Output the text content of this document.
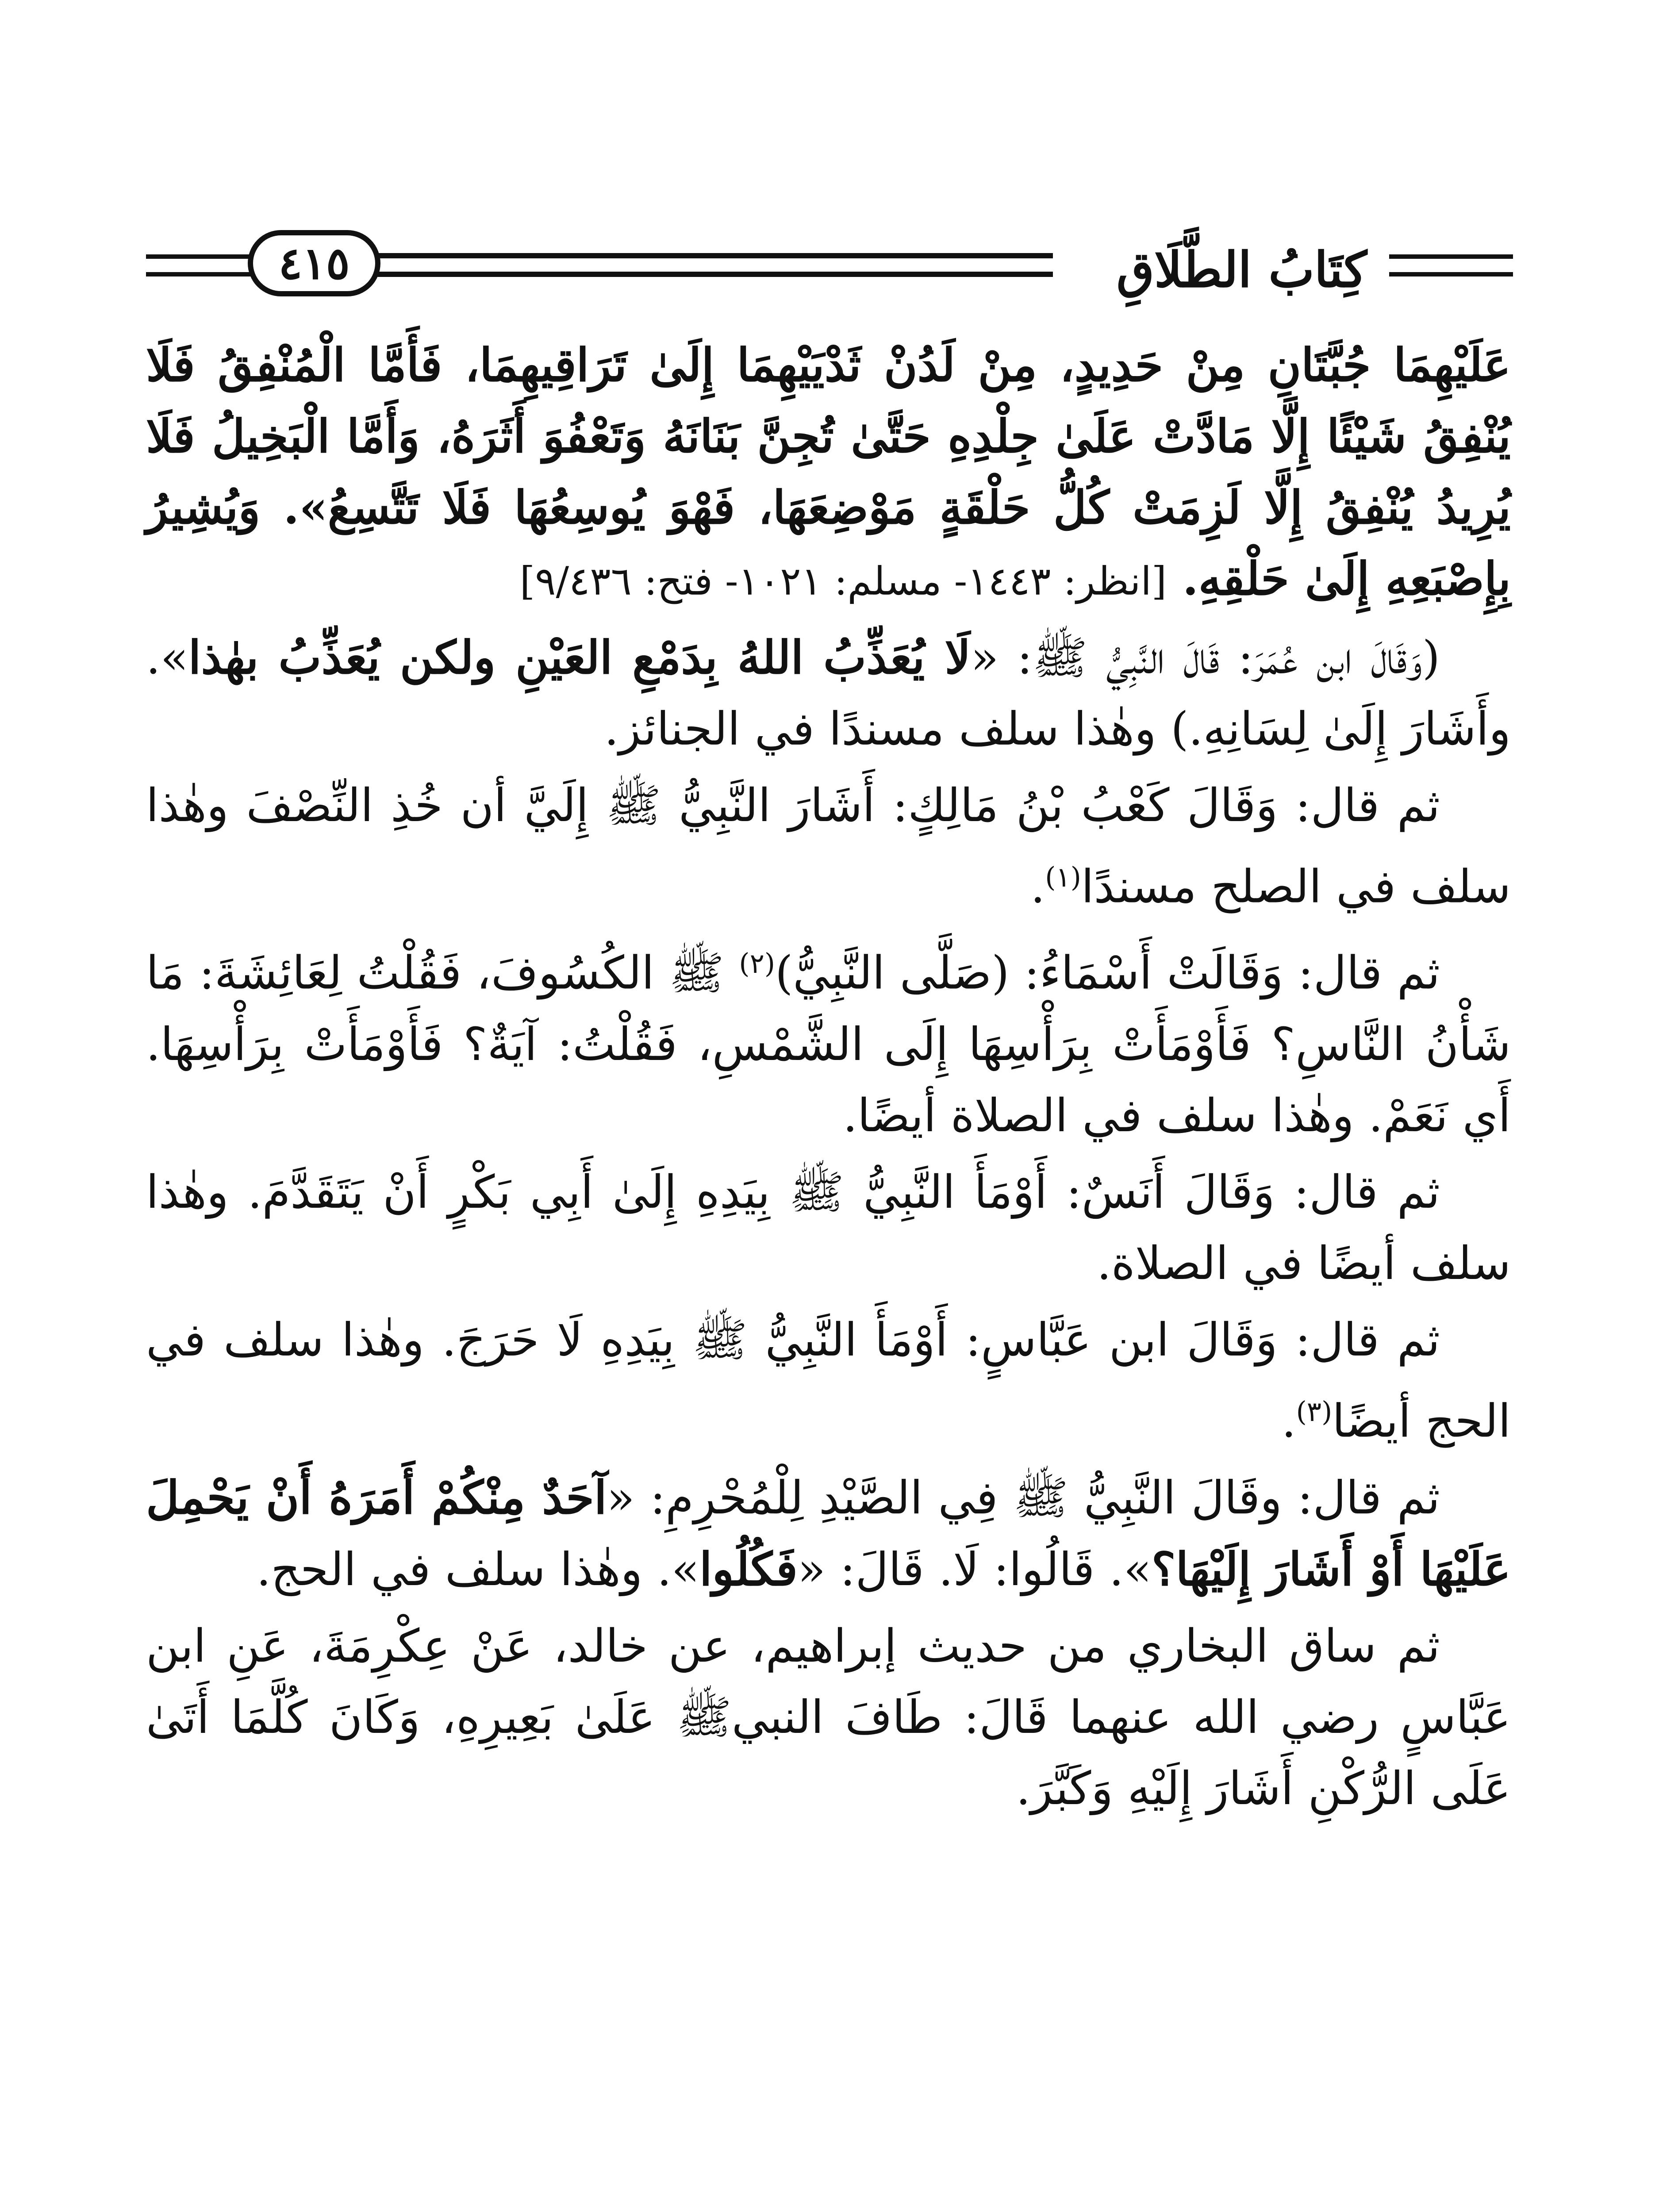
كِتَابُ الطَّلَاقِ
٤١٥

عَلَيْهِمَا جُبَّتَانِ مِنْ حَدِيدٍ، مِنْ لَدُنْ ثَدْيَيْهِمَا إِلَىٰ تَرَاقِيهِمَا، فَأَمَّا الْمُنْفِقُ فَلَا يُنْفِقُ شَيْئًا إِلَّا مَادَّتْ عَلَىٰ جِلْدِهِ حَتَّىٰ تُجِنَّ بَنَانَهُ وَتَعْفُوَ أَثَرَهُ، وَأَمَّا الْبَخِيلُ فَلَا يُرِيدُ يُنْفِقُ إِلَّا لَزِمَتْ كُلُّ حَلْقَةٍ مَوْضِعَهَا، فَهْوَ يُوسِعُهَا فَلَا تَتَّسِعُ». وَيُشِيرُ بِإِصْبَعِهِ إِلَىٰ حَلْقِهِ. [انظر: ١٤٤٣- مسلم: ١٠٢١- فتح: ٩/٤٣٦]

(وَقَالَ ابن عُمَرَ: قَالَ النَّبِيُّ ﷺ: «لَا يُعَذِّبُ اللهُ بِدَمْعِ العَيْنِ ولكن يُعَذِّبُ بهٰذا». وأَشَارَ إِلَىٰ لِسَانِهِ.) وهٰذا سلف مسندًا في الجنائز.

ثم قال: وَقَالَ كَعْبُ بْنُ مَالِكٍ: أَشَارَ النَّبِيُّ ﷺ إِلَيَّ أن خُذِ النِّصْفَ وهٰذا سلف في الصلح مسندًا$^{(١)}$.

ثم قال: وَقَالَتْ أَسْمَاءُ: (صَلَّى النَّبِيُّ)$^{(٢)}$ ﷺ الكُسُوفَ، فَقُلْتُ لِعَائِشَةَ: مَا شَأْنُ النَّاسِ؟ فَأَوْمَأَتْ بِرَأْسِهَا إِلَى الشَّمْسِ، فَقُلْتُ: آيَةٌ؟ فَأَوْمَأَتْ بِرَأْسِهَا. أَي نَعَمْ. وهٰذا سلف في الصلاة أيضًا.

ثم قال: وَقَالَ أَنَسٌ: أَوْمَأَ النَّبِيُّ ﷺ بِيَدِهِ إِلَىٰ أَبِي بَكْرٍ أَنْ يَتَقَدَّمَ. وهٰذا سلف أيضًا في الصلاة.

ثم قال: وَقَالَ ابن عَبَّاسٍ: أَوْمَأَ النَّبِيُّ ﷺ بِيَدِهِ لَا حَرَجَ. وهٰذا سلف في الحج أيضًا$^{(٣)}$.

ثم قال: وقَالَ النَّبِيُّ ﷺ فِي الصَّيْدِ لِلْمُحْرِمِ: «آحَدٌ مِنْكُمْ أَمَرَهُ أَنْ يَحْمِلَ عَلَيْهَا أَوْ أَشَارَ إِلَيْهَا؟». قَالُوا: لَا. قَالَ: «فَكُلُوا». وهٰذا سلف في الحج.

ثم ساق البخاري من حديث إبراهيم، عن خالد، عَنْ عِكْرِمَةَ، عَنِ ابن عَبَّاسٍ رضي الله عنهما قَالَ: طَافَ النبيﷺ عَلَىٰ بَعِيرِهِ، وَكَانَ كُلَّمَا أَتَىٰ عَلَى الرُّكْنِ أَشَارَ إِلَيْهِ وَكَبَّرَ.
